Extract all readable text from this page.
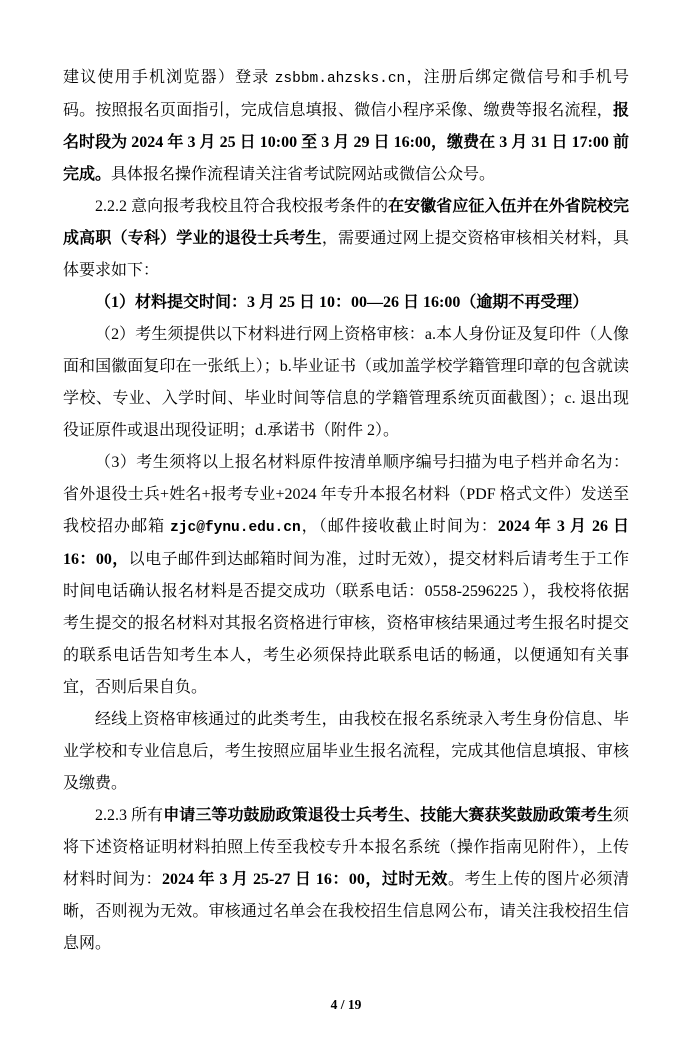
建议使用手机浏览器）登录 zsbbm.ahzsks.cn，注册后绑定微信号和手机号码。按照报名页面指引，完成信息填报、微信小程序采像、缴费等报名流程，报名时段为 2024 年 3 月 25 日 10:00 至 3 月 29 日 16:00，缴费在 3 月 31 日 17:00 前完成。具体报名操作流程请关注省考试院网站或微信公众号。

2.2.2 意向报考我校且符合我校报考条件的在安徽省应征入伍并在外省院校完成高职（专科）学业的退役士兵考生，需要通过网上提交资格审核相关材料，具体要求如下：

（1）材料提交时间：3 月 25 日 10：00—26 日 16:00（逾期不再受理）

（2）考生须提供以下材料进行网上资格审核：a.本人身份证及复印件（人像面和国徽面复印在一张纸上）；b.毕业证书（或加盖学校学籍管理印章的包含就读学校、专业、入学时间、毕业时间等信息的学籍管理系统页面截图）；c. 退出现役证原件或退出现役证明；d.承诺书（附件 2）。

（3）考生须将以上报名材料原件按清单顺序编号扫描为电子档并命名为：省外退役士兵+姓名+报考专业+2024 年专升本报名材料（PDF 格式文件）发送至我校招办邮箱 zjc@fynu.edu.cn，（邮件接收截止时间为：2024 年 3 月 26 日 16：00，以电子邮件到达邮箱时间为准，过时无效），提交材料后请考生于工作时间电话确认报名材料是否提交成功（联系电话：0558-2596225 ），我校将依据考生提交的报名材料对其报名资格进行审核，资格审核结果通过考生报名时提交的联系电话告知考生本人，考生必须保持此联系电话的畅通，以便通知有关事宜，否则后果自负。

经线上资格审核通过的此类考生，由我校在报名系统录入考生身份信息、毕业学校和专业信息后，考生按照应届毕业生报名流程，完成其他信息填报、审核及缴费。

2.2.3 所有申请三等功鼓励政策退役士兵考生、技能大赛获奖鼓励政策考生须将下述资格证明材料拍照上传至我校专升本报名系统（操作指南见附件），上传材料时间为：2024 年 3 月 25-27 日 16：00，过时无效。考生上传的图片必须清晰，否则视为无效。审核通过名单会在我校招生信息网公布，请关注我校招生信息网。

4 / 19
